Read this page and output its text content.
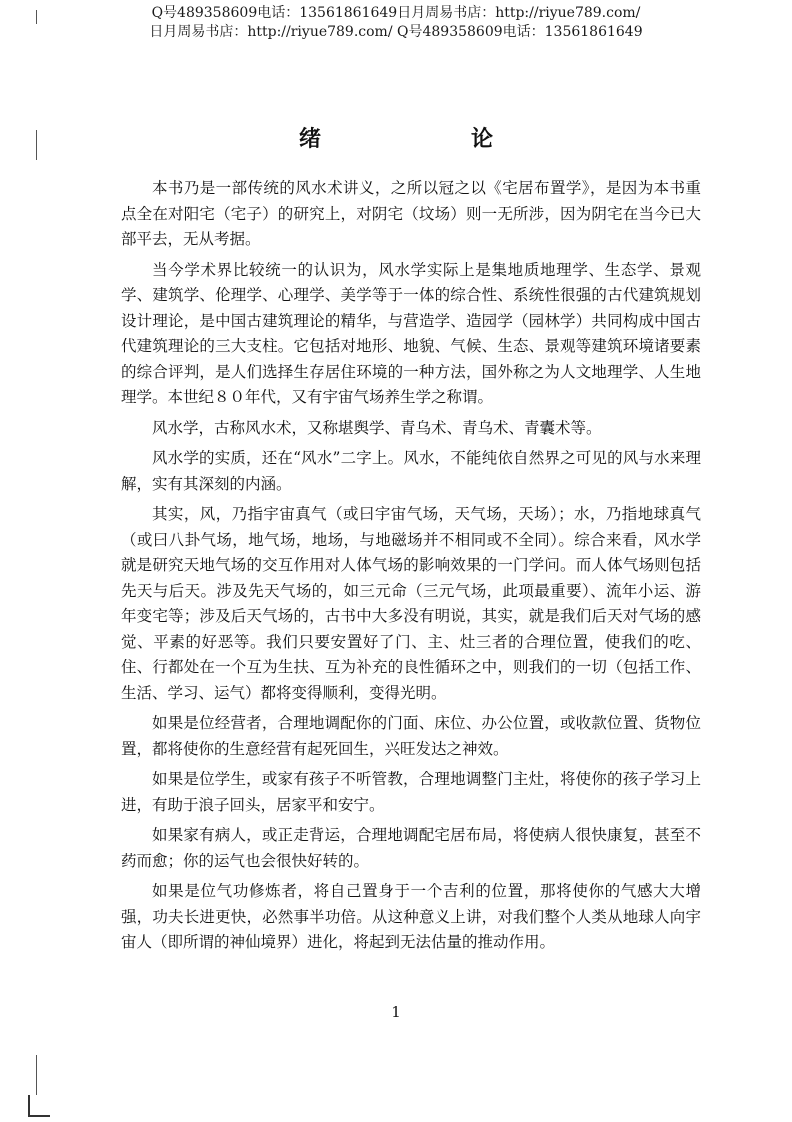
Q号489358609电话：13561861649日月周易书店：http://riyue789.com/
日月周易书店：http://riyue789.com/ Q号489358609电话：13561861649
绪论

本书乃是一部传统的风水术讲义，之所以冠之以《宅居布置学》，是因为本书重点全在对阳宅（宅子）的研究上，对阴宅（坟场）则一无所涉，因为阴宅在当今已大部平去，无从考据。

当今学术界比较统一的认识为，风水学实际上是集地质地理学、生态学、景观学、建筑学、伦理学、心理学、美学等于一体的综合性、系统性很强的古代建筑规划设计理论，是中国古建筑理论的精华，与营造学、造园学（园林学）共同构成中国古代建筑理论的三大支柱。它包括对地形、地貌、气候、生态、景观等建筑环境诸要素的综合评判，是人们选择生存居住环境的一种方法，国外称之为人文地理学、人生地理学。本世纪８０年代，又有宇宙气场养生学之称谓。

风水学，古称风水术，又称堪舆学、青乌术、青乌术、青囊术等。

风水学的实质，还在“风水”二字上。风水，不能纯依自然界之可见的风与水来理解，实有其深刻的内涵。

其实，风，乃指宇宙真气（或曰宇宙气场，天气场，天场）；水，乃指地球真气（或曰八卦气场，地气场，地场，与地磁场并不相同或不全同）。综合来看，风水学就是研究天地气场的交互作用对人体气场的影响效果的一门学问。而人体气场则包括先天与后天。涉及先天气场的，如三元命（三元气场，此项最重要）、流年小运、游年变宅等；涉及后天气场的，古书中大多没有明说，其实，就是我们后天对气场的感觉、平素的好恶等。我们只要安置好了门、主、灶三者的合理位置，使我们的吃、住、行都处在一个互为生扶、互为补充的良性循环之中，则我们的一切（包括工作、生活、学习、运气）都将变得顺利，变得光明。

如果是位经营者，合理地调配你的门面、床位、办公位置，或收款位置、货物位置，都将使你的生意经营有起死回生，兴旺发达之神效。

如果是位学生，或家有孩子不听管教，合理地调整门主灶，将使你的孩子学习上进，有助于浪子回头，居家平和安宁。

如果家有病人，或正走背运，合理地调配宅居布局，将使病人很快康复，甚至不药而愈；你的运气也会很快好转的。

如果是位气功修炼者，将自己置身于一个吉利的位置，那将使你的气感大大增强，功夫长进更快，必然事半功倍。从这种意义上讲，对我们整个人类从地球人向宇宙人（即所谓的神仙境界）进化，将起到无法估量的推动作用。

1
